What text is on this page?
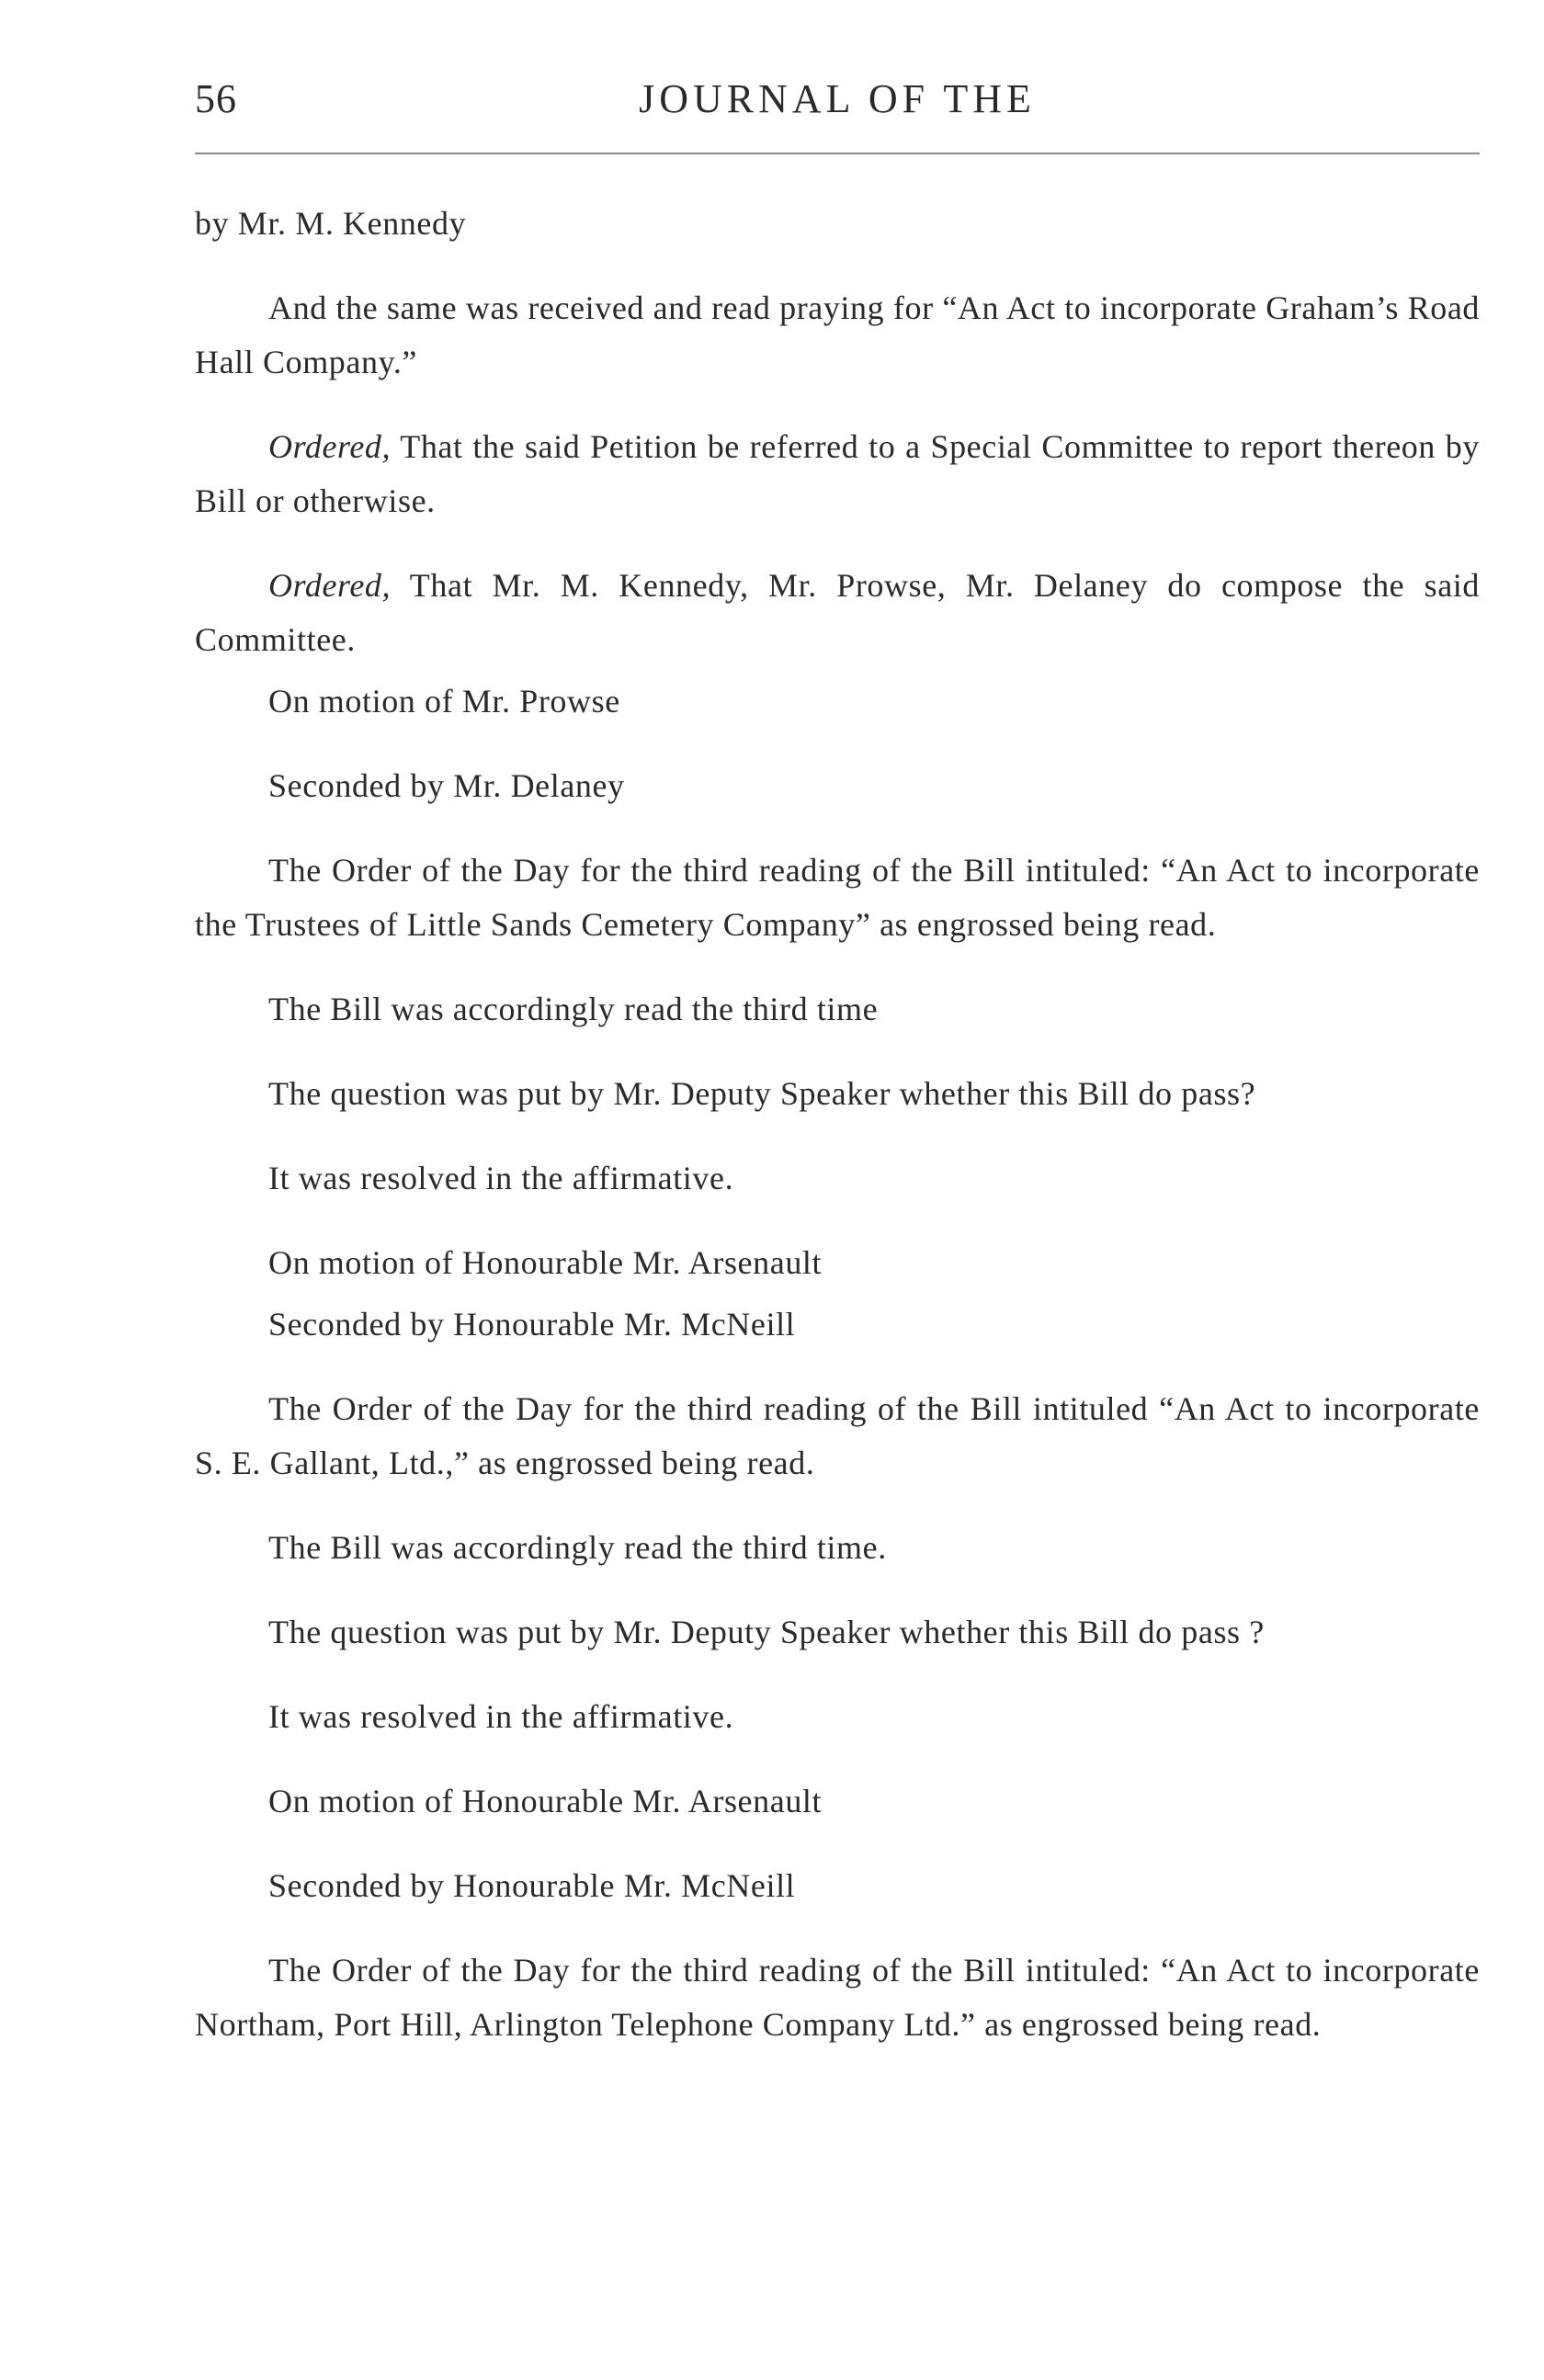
56	JOURNAL OF THE

by Mr. M. Kennedy

And the same was received and read praying for “An Act to incorporate Graham’s Road Hall Company.”

Ordered, That the said Petition be referred to a Special Committee to report thereon by Bill or otherwise.

Ordered, That Mr. M. Kennedy, Mr. Prowse, Mr. Delaney do compose the said Committee.

On motion of Mr. Prowse

Seconded by Mr. Delaney

The Order of the Day for the third reading of the Bill intituled: “An Act to incorporate the Trustees of Little Sands Cemetery Company” as engrossed being read.

The Bill was accordingly read the third time

The question was put by Mr. Deputy Speaker whether this Bill do pass?

It was resolved in the affirmative.

On motion of Honourable Mr. Arsenault

Seconded by Honourable Mr. McNeill

The Order of the Day for the third reading of the Bill intituled “An Act to incorporate S. E. Gallant, Ltd.,” as engrossed being read.

The Bill was accordingly read the third time.

The question was put by Mr. Deputy Speaker whether this Bill do pass ?

It was resolved in the affirmative.

On motion of Honourable Mr. Arsenault

Seconded by Honourable Mr. McNeill

The Order of the Day for the third reading of the Bill intituled: “An Act to incorporate Northam, Port Hill, Arlington Telephone Company Ltd.” as engrossed being read.
